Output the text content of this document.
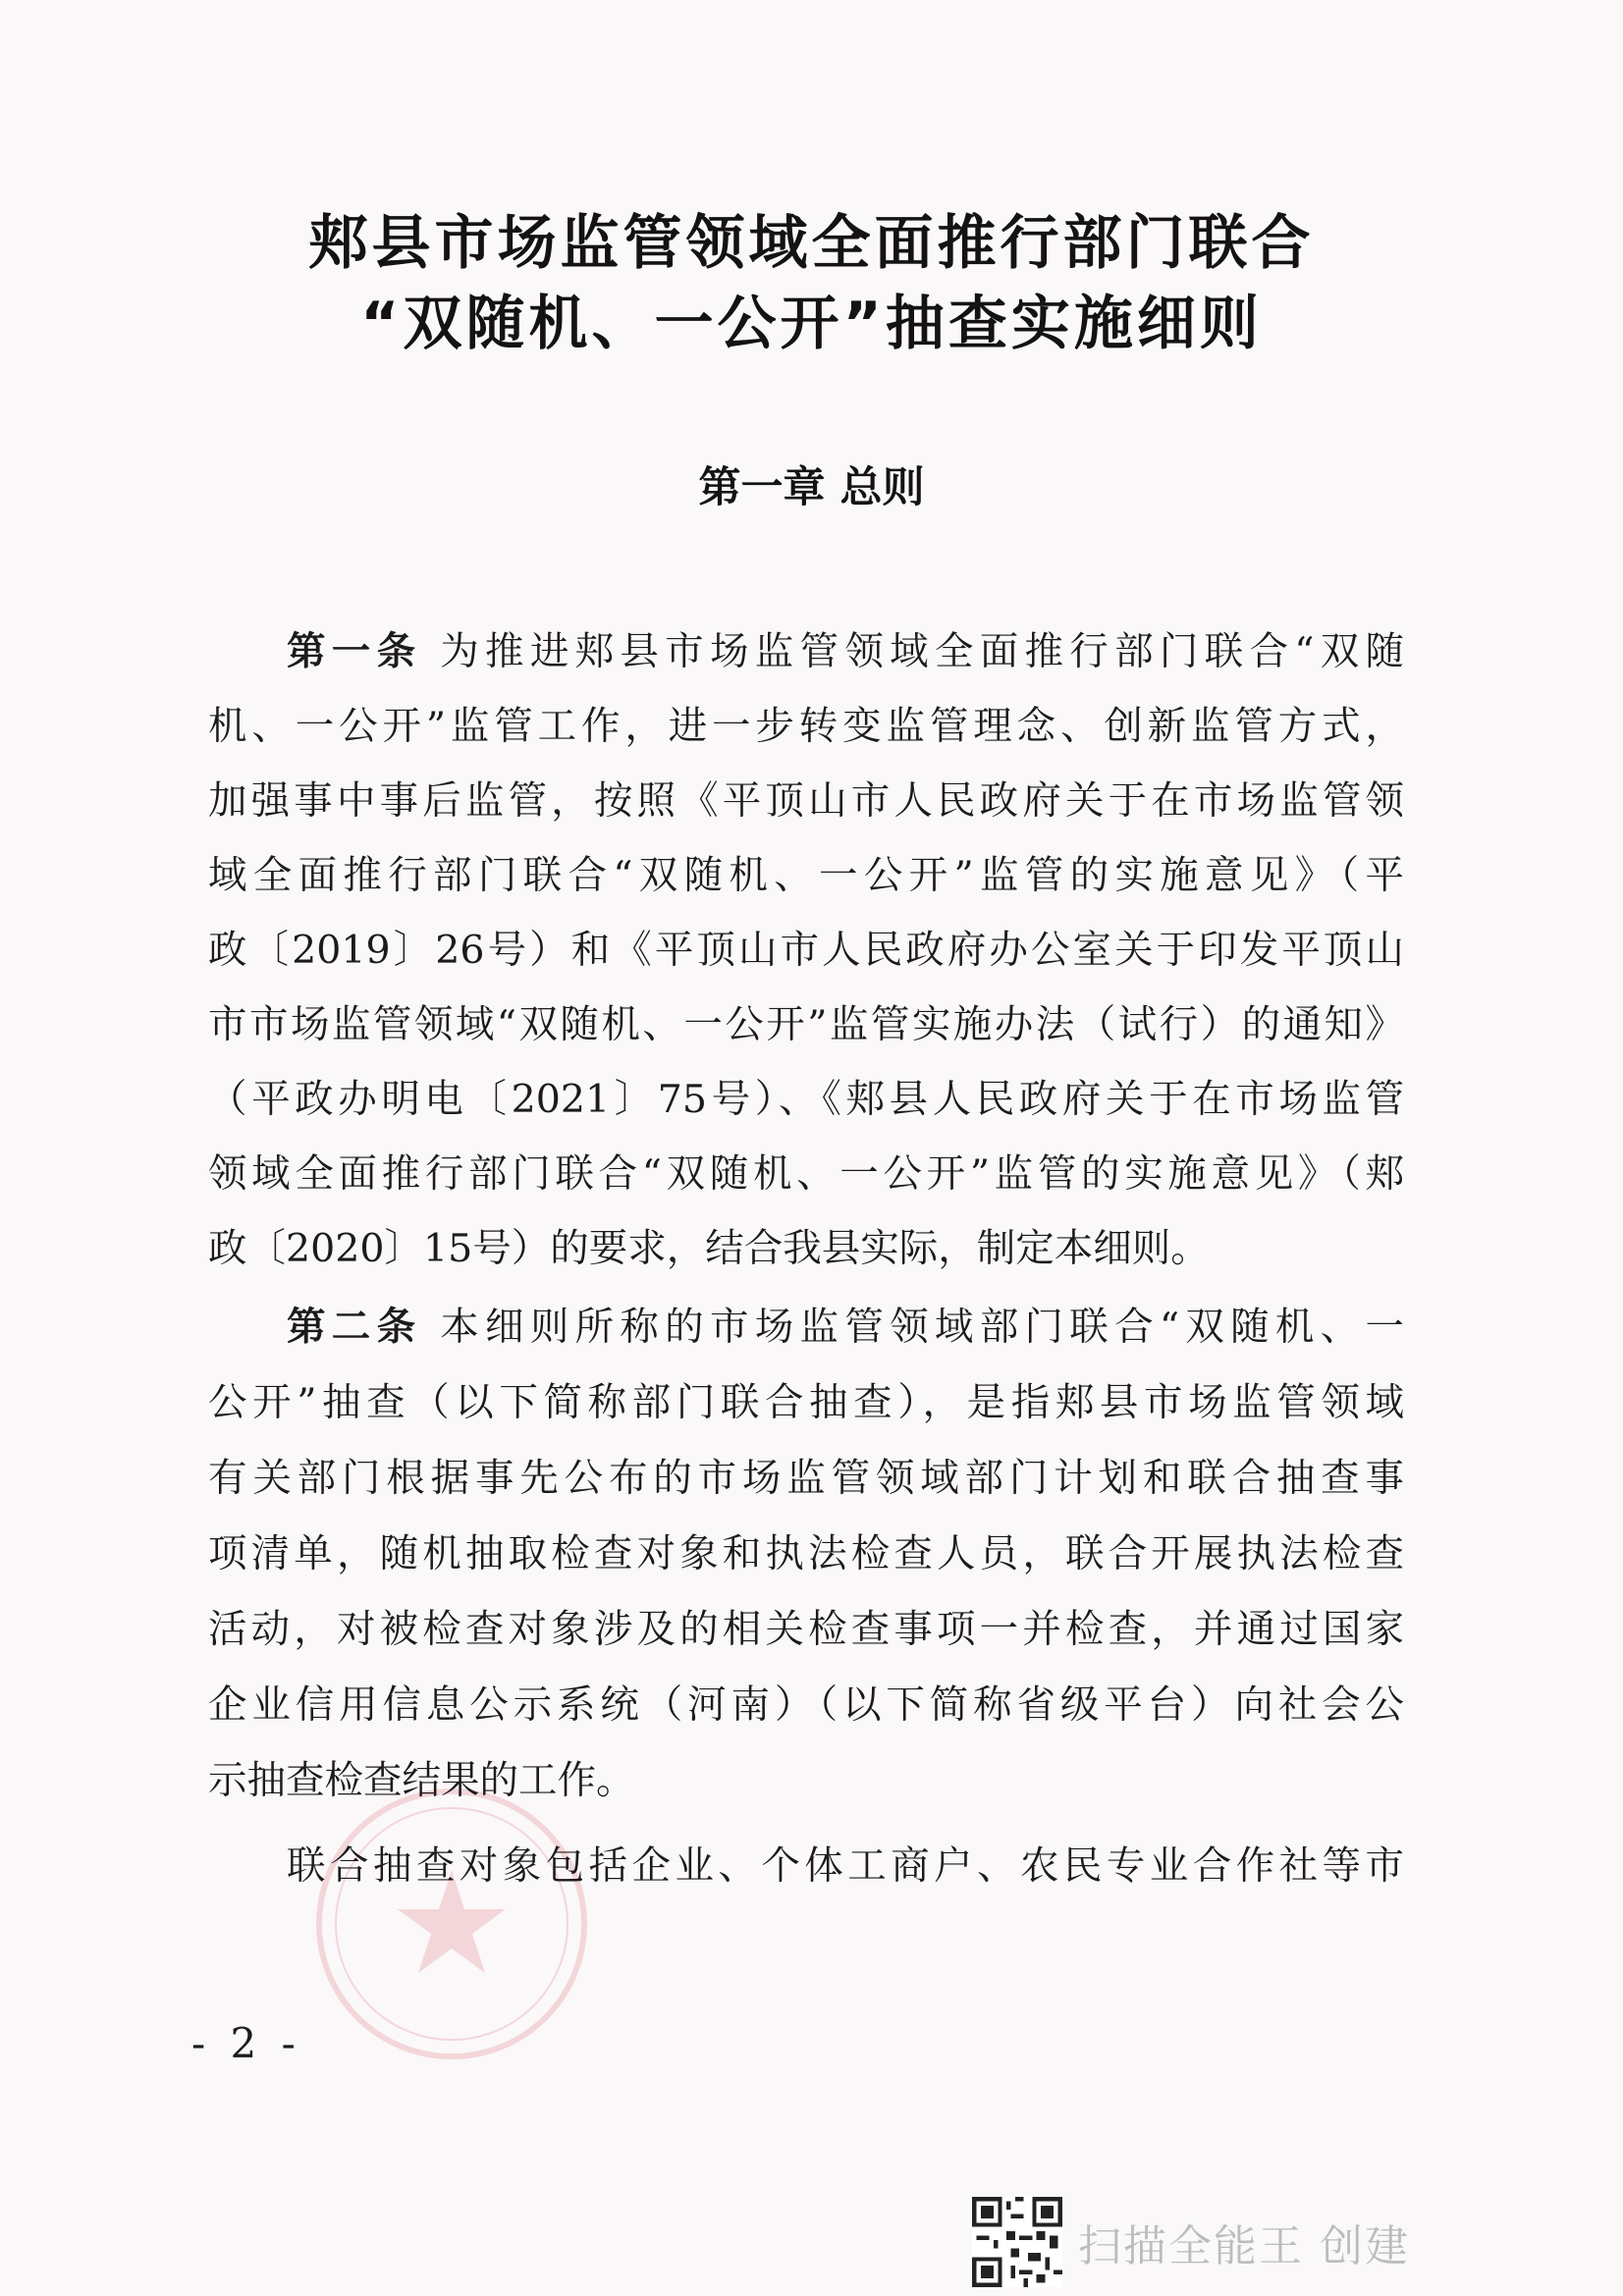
郏县市场监管领域全面推行部门联合
“双随机、一公开”抽查实施细则
第一章 总则
第一条 为推进郏县市场监管领域全面推行部门联合“双随
机、一公开”监管工作，进一步转变监管理念、创新监管方式，
加强事中事后监管，按照《平顶山市人民政府关于在市场监管领
域全面推行部门联合“双随机、一公开”监管的实施意见》（平
政〔2019〕26号）和《平顶山市人民政府办公室关于印发平顶山
市市场监管领域“双随机、一公开”监管实施办法（试行）的通知》
（平政办明电〔2021〕75号）、《郏县人民政府关于在市场监管
领域全面推行部门联合“双随机、一公开”监管的实施意见》（郏
政〔2020〕15号）的要求，结合我县实际，制定本细则。
第二条 本细则所称的市场监管领域部门联合“双随机、一
公开”抽查（以下简称部门联合抽查），是指郏县市场监管领域
有关部门根据事先公布的市场监管领域部门计划和联合抽查事
项清单，随机抽取检查对象和执法检查人员，联合开展执法检查
活动，对被检查对象涉及的相关检查事项一并检查，并通过国家
企业信用信息公示系统（河南）（以下简称省级平台）向社会公
示抽查检查结果的工作。
联合抽查对象包括企业、个体工商户、农民专业合作社等市
- 2 -
扫描全能王 创建
